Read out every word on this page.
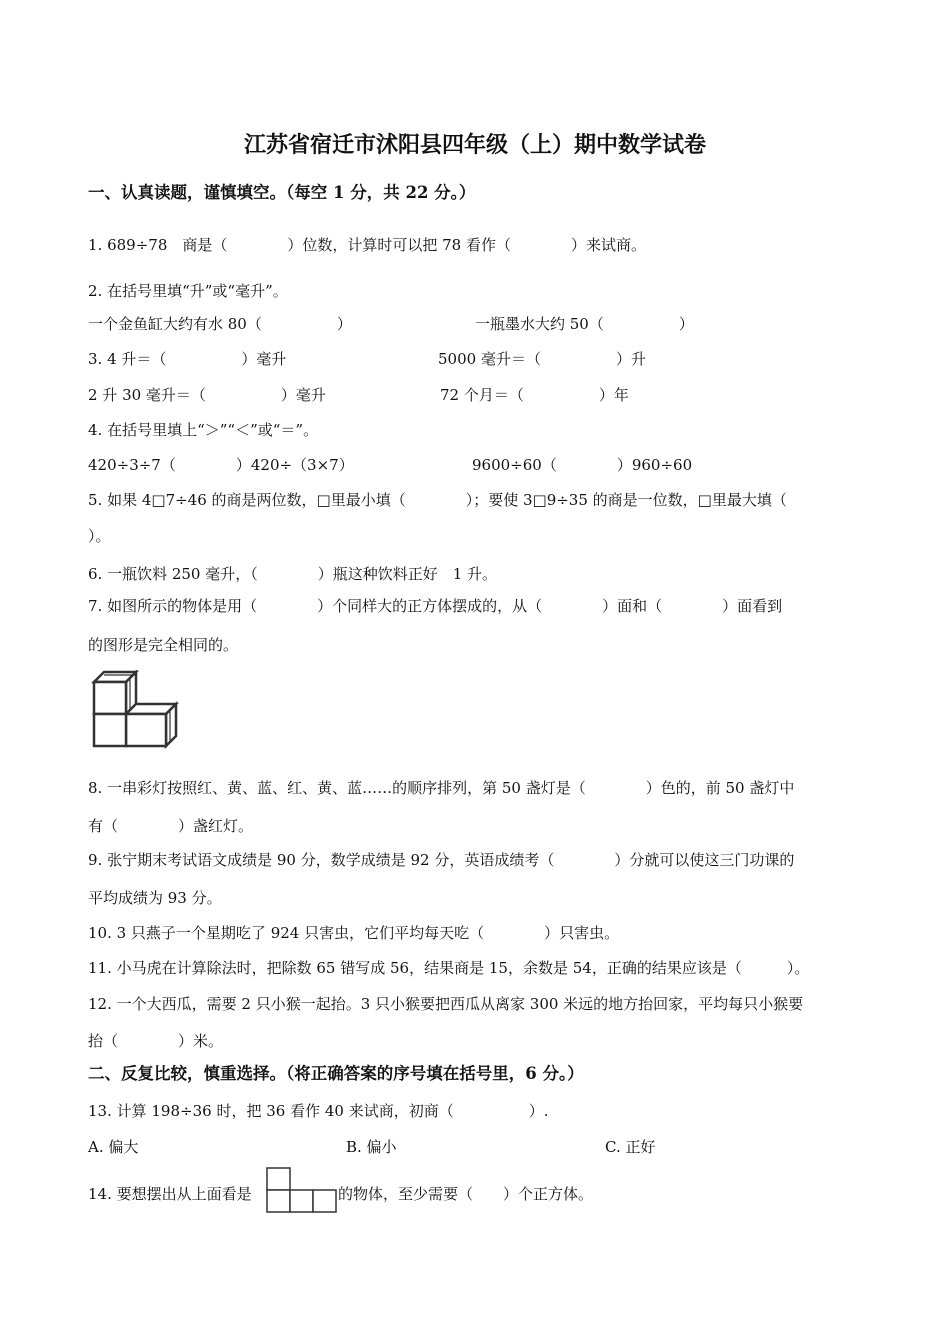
江苏省宿迁市沭阳县四年级（上）期中数学试卷
一、认真读题，谨慎填空。（每空 1 分，共 22 分。）
1. 689÷78　商是（　　　　）位数，计算时可以把 78 看作（　　　　）来试商。
2. 在括号里填“升”或“毫升”。
一个金鱼缸大约有水 80（　　　　　）	一瓶墨水大约 50（　　　　　）
3. 4 升＝（　　　　　）毫升	5000 毫升＝（　　　　　）升
2 升 30 毫升＝（　　　　　）毫升	72 个月＝（　　　　　）年
4. 在括号里填上“＞”“＜”或“＝”。
420÷3÷7（　　　　）420÷（3×7）	9600÷60（　　　　）960÷60
5. 如果 4□7÷46 的商是两位数，□里最小填（　　　　）；要使 3□9÷35 的商是一位数，□里最大填（
）。
6. 一瓶饮料 250 毫升，（　　　　）瓶这种饮料正好　1 升。
7. 如图所示的物体是用（　　　　）个同样大的正方体摆成的，从（　　　　）面和（　　　　）面看到
的图形是完全相同的。
8. 一串彩灯按照红、黄、蓝、红、黄、蓝……的顺序排列，第 50 盏灯是（　　　　）色的，前 50 盏灯中
有（　　　　）盏红灯。
9. 张宁期末考试语文成绩是 90 分，数学成绩是 92 分，英语成绩考（　　　　）分就可以使这三门功课的
平均成绩为 93 分。
10. 3 只燕子一个星期吃了 924 只害虫，它们平均每天吃（　　　　）只害虫。
11. 小马虎在计算除法时，把除数 65 错写成 56，结果商是 15，余数是 54，正确的结果应该是（　　　）。
12. 一个大西瓜，需要 2 只小猴一起抬。3 只小猴要把西瓜从离家 300 米远的地方抬回家，平均每只小猴要
抬（　　　　）米。
二、反复比较，慎重选择。（将正确答案的序号填在括号里，6 分。）
13. 计算 198÷36 时，把 36 看作 40 来试商，初商（　　　　　）.
A. 偏大	B. 偏小	C. 正好
14. 要想摆出从上面看是	的物体，至少需要（　　）个正方体。
